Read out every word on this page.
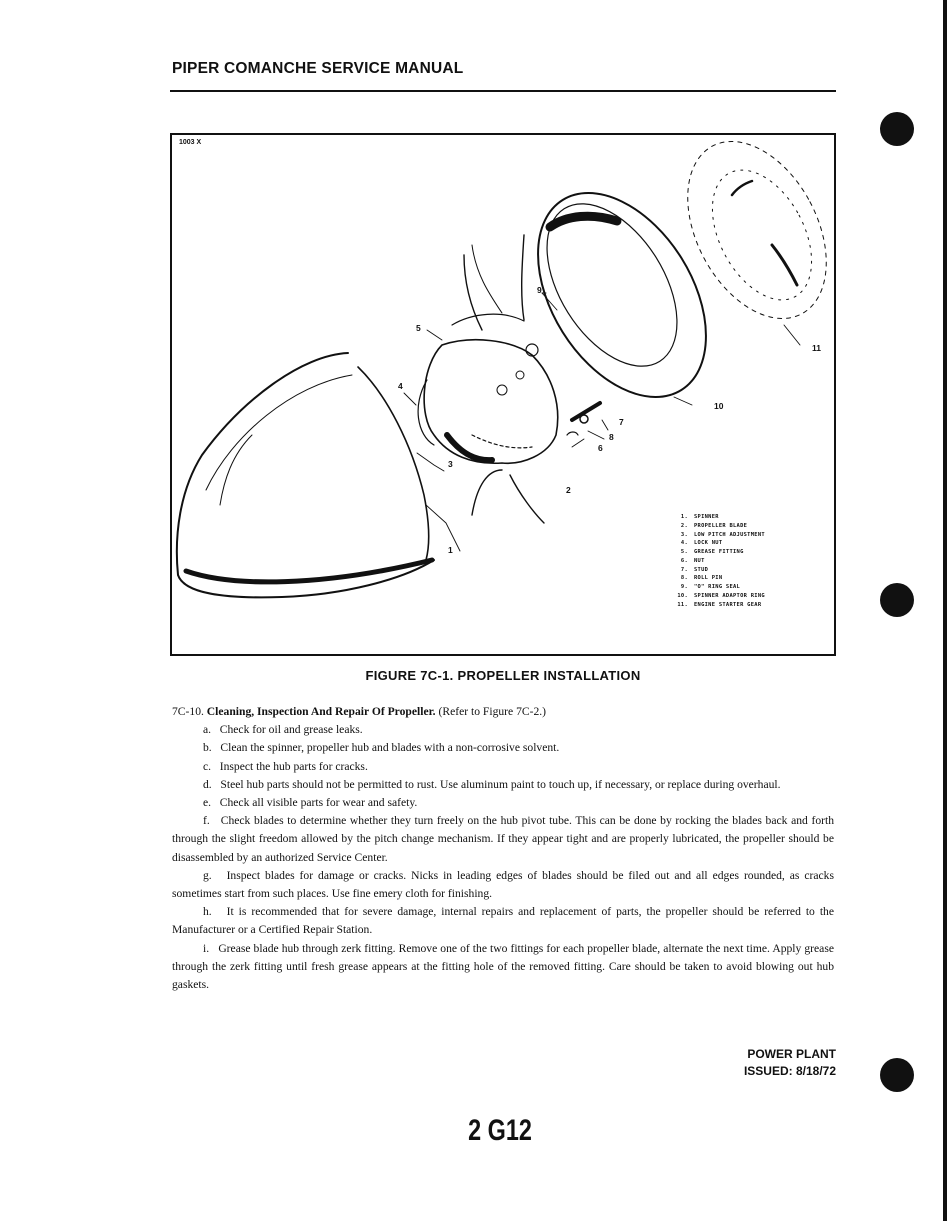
PIPER COMANCHE SERVICE MANUAL
1003 X
1
2
3
4
5
6
7
8
9
10
11
1. SPINNER
2. PROPELLER BLADE
3. LOW PITCH ADJUSTMENT
4. LOCK NUT
5. GREASE FITTING
6. NUT
7. STUD
8. ROLL PIN
9. "O" RING SEAL
10. SPINNER ADAPTOR RING
11. ENGINE STARTER GEAR
FIGURE 7C-1. PROPELLER INSTALLATION

7C-10. Cleaning, Inspection And Repair Of Propeller. (Refer to Figure 7C-2.)

a. Check for oil and grease leaks.

b. Clean the spinner, propeller hub and blades with a non-corrosive solvent.

c. Inspect the hub parts for cracks.

d. Steel hub parts should not be permitted to rust. Use aluminum paint to touch up, if necessary, or replace during overhaul.

e. Check all visible parts for wear and safety.

f. Check blades to determine whether they turn freely on the hub pivot tube. This can be done by rocking the blades back and forth through the slight freedom allowed by the pitch change mechanism. If they appear tight and are properly lubricated, the propeller should be disassembled by an authorized Service Center.

g. Inspect blades for damage or cracks. Nicks in leading edges of blades should be filed out and all edges rounded, as cracks sometimes start from such places. Use fine emery cloth for finishing.

h. It is recommended that for severe damage, internal repairs and replacement of parts, the propeller should be referred to the Manufacturer or a Certified Repair Station.

i. Grease blade hub through zerk fitting. Remove one of the two fittings for each propeller blade, alternate the next time. Apply grease through the zerk fitting until fresh grease appears at the fitting hole of the removed fitting. Care should be taken to avoid blowing out hub gaskets.

POWER PLANT
ISSUED: 8/18/72
2 G12
